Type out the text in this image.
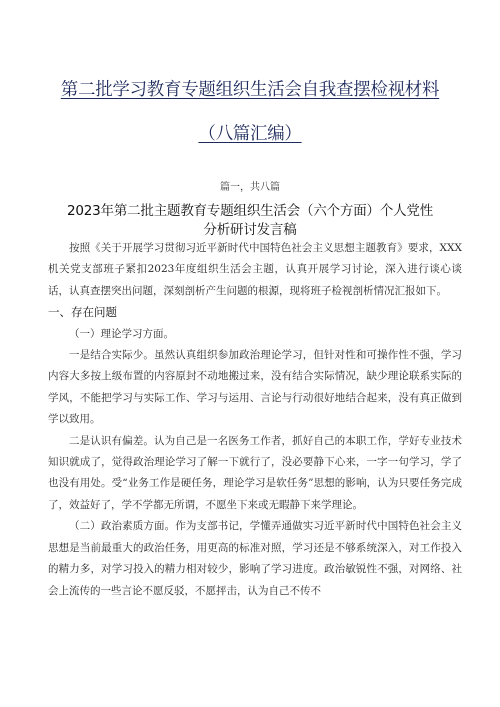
第二批学习教育专题组织生活会自我查摆检视材料
（八篇汇编）
篇一，共八篇
2023年第二批主题教育专题组织生活会（六个方面）个人党性
分析研讨发言稿

按照《关于开展学习贯彻习近平新时代中国特色社会主义思想主题教育》要求，XXX机关党支部班子紧扣2023年度组织生活会主题，认真开展学习讨论，深入进行谈心谈话，认真查摆突出问题，深刻剖析产生问题的根源，现将班子检视剖析情况汇报如下。

一、存在问题

（一）理论学习方面。

一是结合实际少。虽然认真组织参加政治理论学习，但针对性和可操作性不强，学习内容大多按上级布置的内容原封不动地搬过来，没有结合实际情况，缺少理论联系实际的学风，不能把学习与实际工作、学习与运用、言论与行动很好地结合起来，没有真正做到学以致用。

二是认识有偏差。认为自己是一名医务工作者，抓好自己的本职工作，学好专业技术知识就成了，觉得政治理论学习了解一下就行了，没必要静下心来，一字一句学习，学了也没有用处。受“业务工作是硬任务，理论学习是软任务”思想的影响，认为只要任务完成了，效益好了，学不学都无所谓，不愿坐下来或无暇静下来学理论。

（二）政治素质方面。作为支部书记，学懂弄通做实习近平新时代中国特色社会主义思想是当前最重大的政治任务，用更高的标准对照，学习还是不够系统深入，对工作投入的精力多，对学习投入的精力相对较少，影响了学习进度。政治敏锐性不强，对网络、社会上流传的一些言论不愿反驳，不愿抨击，认为自己不传不
